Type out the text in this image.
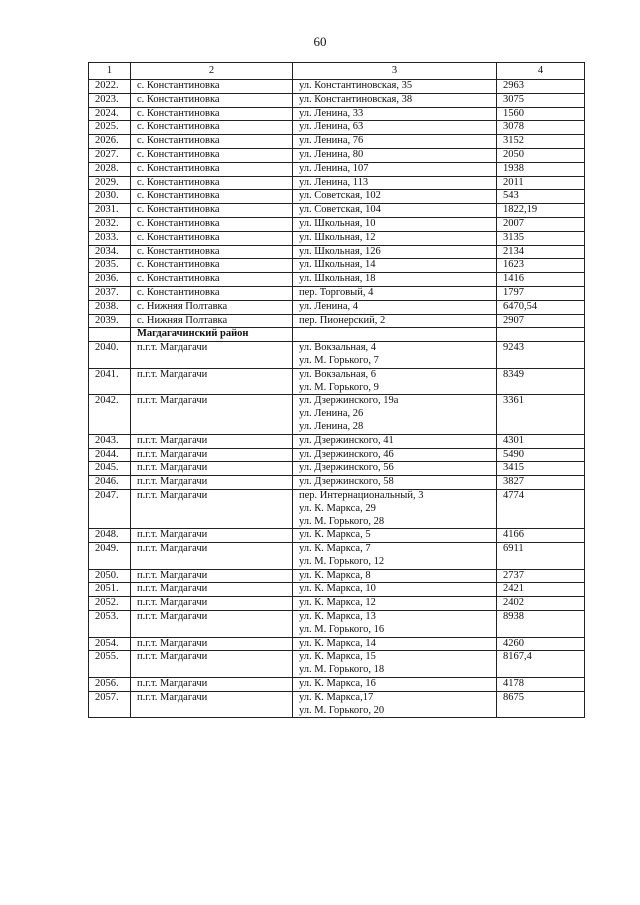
60
1	2	3	4
2022.	с. Константиновка	ул. Константиновская, 35	2963
2023.	с. Константиновка	ул. Константиновская, 38	3075
2024.	с. Константиновка	ул. Ленина, 33	1560
2025.	с. Константиновка	ул. Ленина, 63	3078
2026.	с. Константиновка	ул. Ленина, 76	3152
2027.	с. Константиновка	ул. Ленина, 80	2050
2028.	с. Константиновка	ул. Ленина, 107	1938
2029.	с. Константиновка	ул. Ленина, 113	2011
2030.	с. Константиновка	ул. Советская, 102	543
2031.	с. Константиновка	ул. Советская, 104	1822,19
2032.	с. Константиновка	ул. Школьная, 10	2007
2033.	с. Константиновка	ул. Школьная, 12	3135
2034.	с. Константиновка	ул. Школьная, 126	2134
2035.	с. Константиновка	ул. Школьная, 14	1623
2036.	с. Константиновка	ул. Школьная, 18	1416
2037.	с. Константиновка	пер. Торговый, 4	1797
2038.	с. Нижняя Полтавка	ул. Ленина, 4	6470,54
2039.	с. Нижняя Полтавка	пер. Пионерский, 2	2907
	Магдагачинский район		
2040.	п.г.т. Магдагачи	ул. Вокзальная, 4
ул. М. Горького, 7	9243
2041.	п.г.т. Магдагачи	ул. Вокзальная, 6
ул. М. Горького, 9	8349
2042.	п.г.т. Магдагачи	ул. Дзержинского, 19а
ул. Ленина, 26
ул. Ленина, 28	3361
2043.	п.г.т. Магдагачи	ул. Дзержинского, 41	4301
2044.	п.г.т. Магдагачи	ул. Дзержинского, 46	5490
2045.	п.г.т. Магдагачи	ул. Дзержинского, 56	3415
2046.	п.г.т. Магдагачи	ул. Дзержинского, 58	3827
2047.	п.г.т. Магдагачи	пер. Интернациональный, 3
ул. К. Маркса, 29
ул. М. Горького, 28	4774
2048.	п.г.т. Магдагачи	ул. К. Маркса, 5	4166
2049.	п.г.т. Магдагачи	ул. К. Маркса, 7
ул. М. Горького, 12	6911
2050.	п.г.т. Магдагачи	ул. К. Маркса, 8	2737
2051.	п.г.т. Магдагачи	ул. К. Маркса, 10	2421
2052.	п.г.т. Магдагачи	ул. К. Маркса, 12	2402
2053.	п.г.т. Магдагачи	ул. К. Маркса, 13
ул. М. Горького, 16	8938
2054.	п.г.т. Магдагачи	ул. К. Маркса, 14	4260
2055.	п.г.т. Магдагачи	ул. К. Маркса, 15
ул. М. Горького, 18	8167,4
2056.	п.г.т. Магдагачи	ул. К. Маркса, 16	4178
2057.	п.г.т. Магдагачи	ул. К. Маркса,17
ул. М. Горького, 20	8675
